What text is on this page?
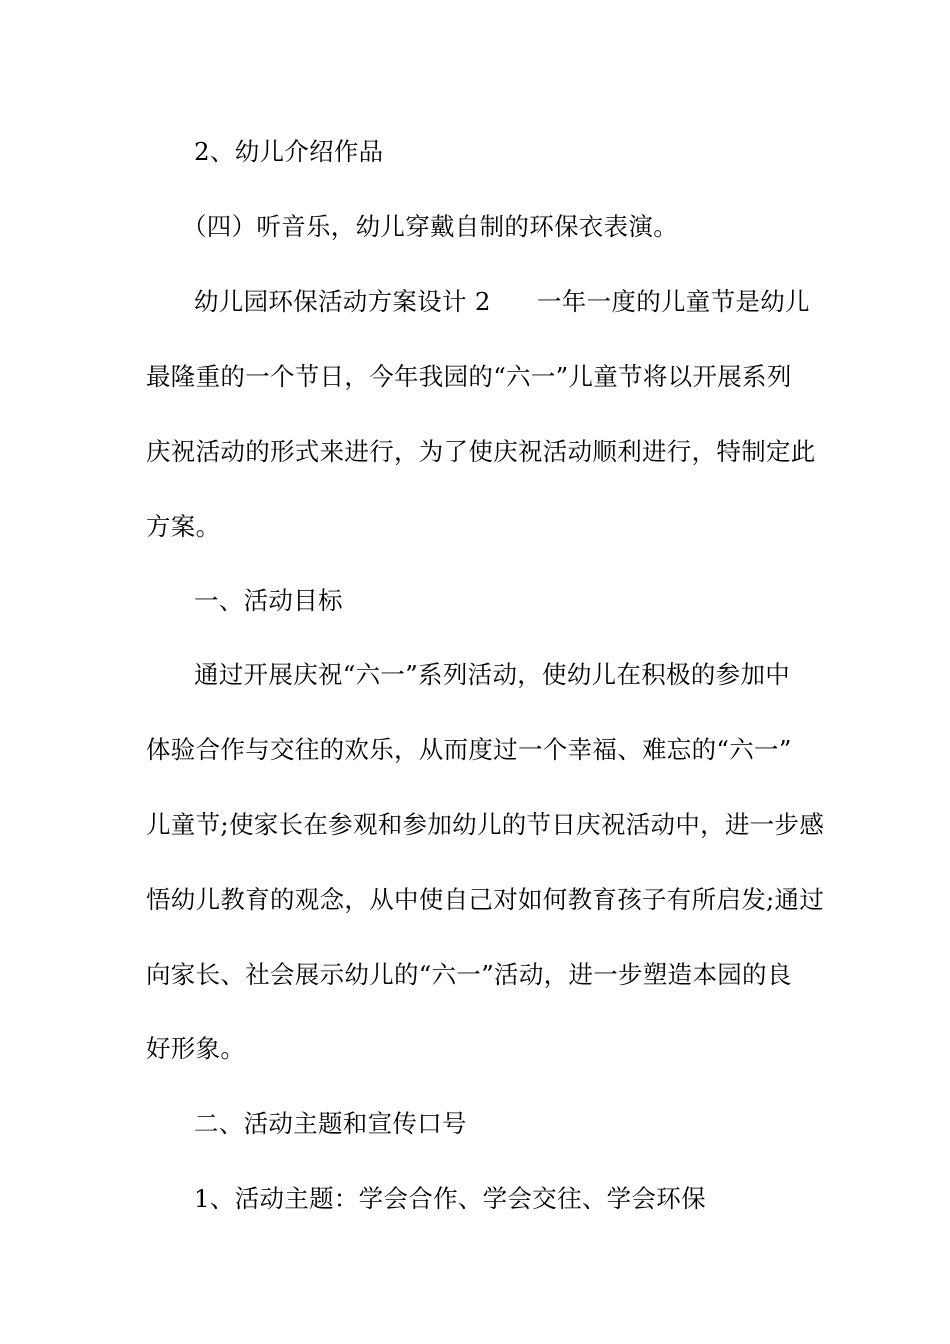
2、幼儿介绍作品
（四）听音乐，幼儿穿戴自制的环保衣表演。
幼儿园环保活动方案设计 2	一年一度的儿童节是幼儿
最隆重的一个节日，今年我园的“六一”儿童节将以开展系列
庆祝活动的形式来进行，为了使庆祝活动顺利进行，特制定此
方案。
一、活动目标
通过开展庆祝“六一”系列活动，使幼儿在积极的参加中
体验合作与交往的欢乐，从而度过一个幸福、难忘的“六一”
儿童节;使家长在参观和参加幼儿的节日庆祝活动中，进一步感
悟幼儿教育的观念，从中使自己对如何教育孩子有所启发;通过
向家长、社会展示幼儿的“六一”活动，进一步塑造本园的良
好形象。
二、活动主题和宣传口号
1、活动主题：学会合作、学会交往、学会环保
